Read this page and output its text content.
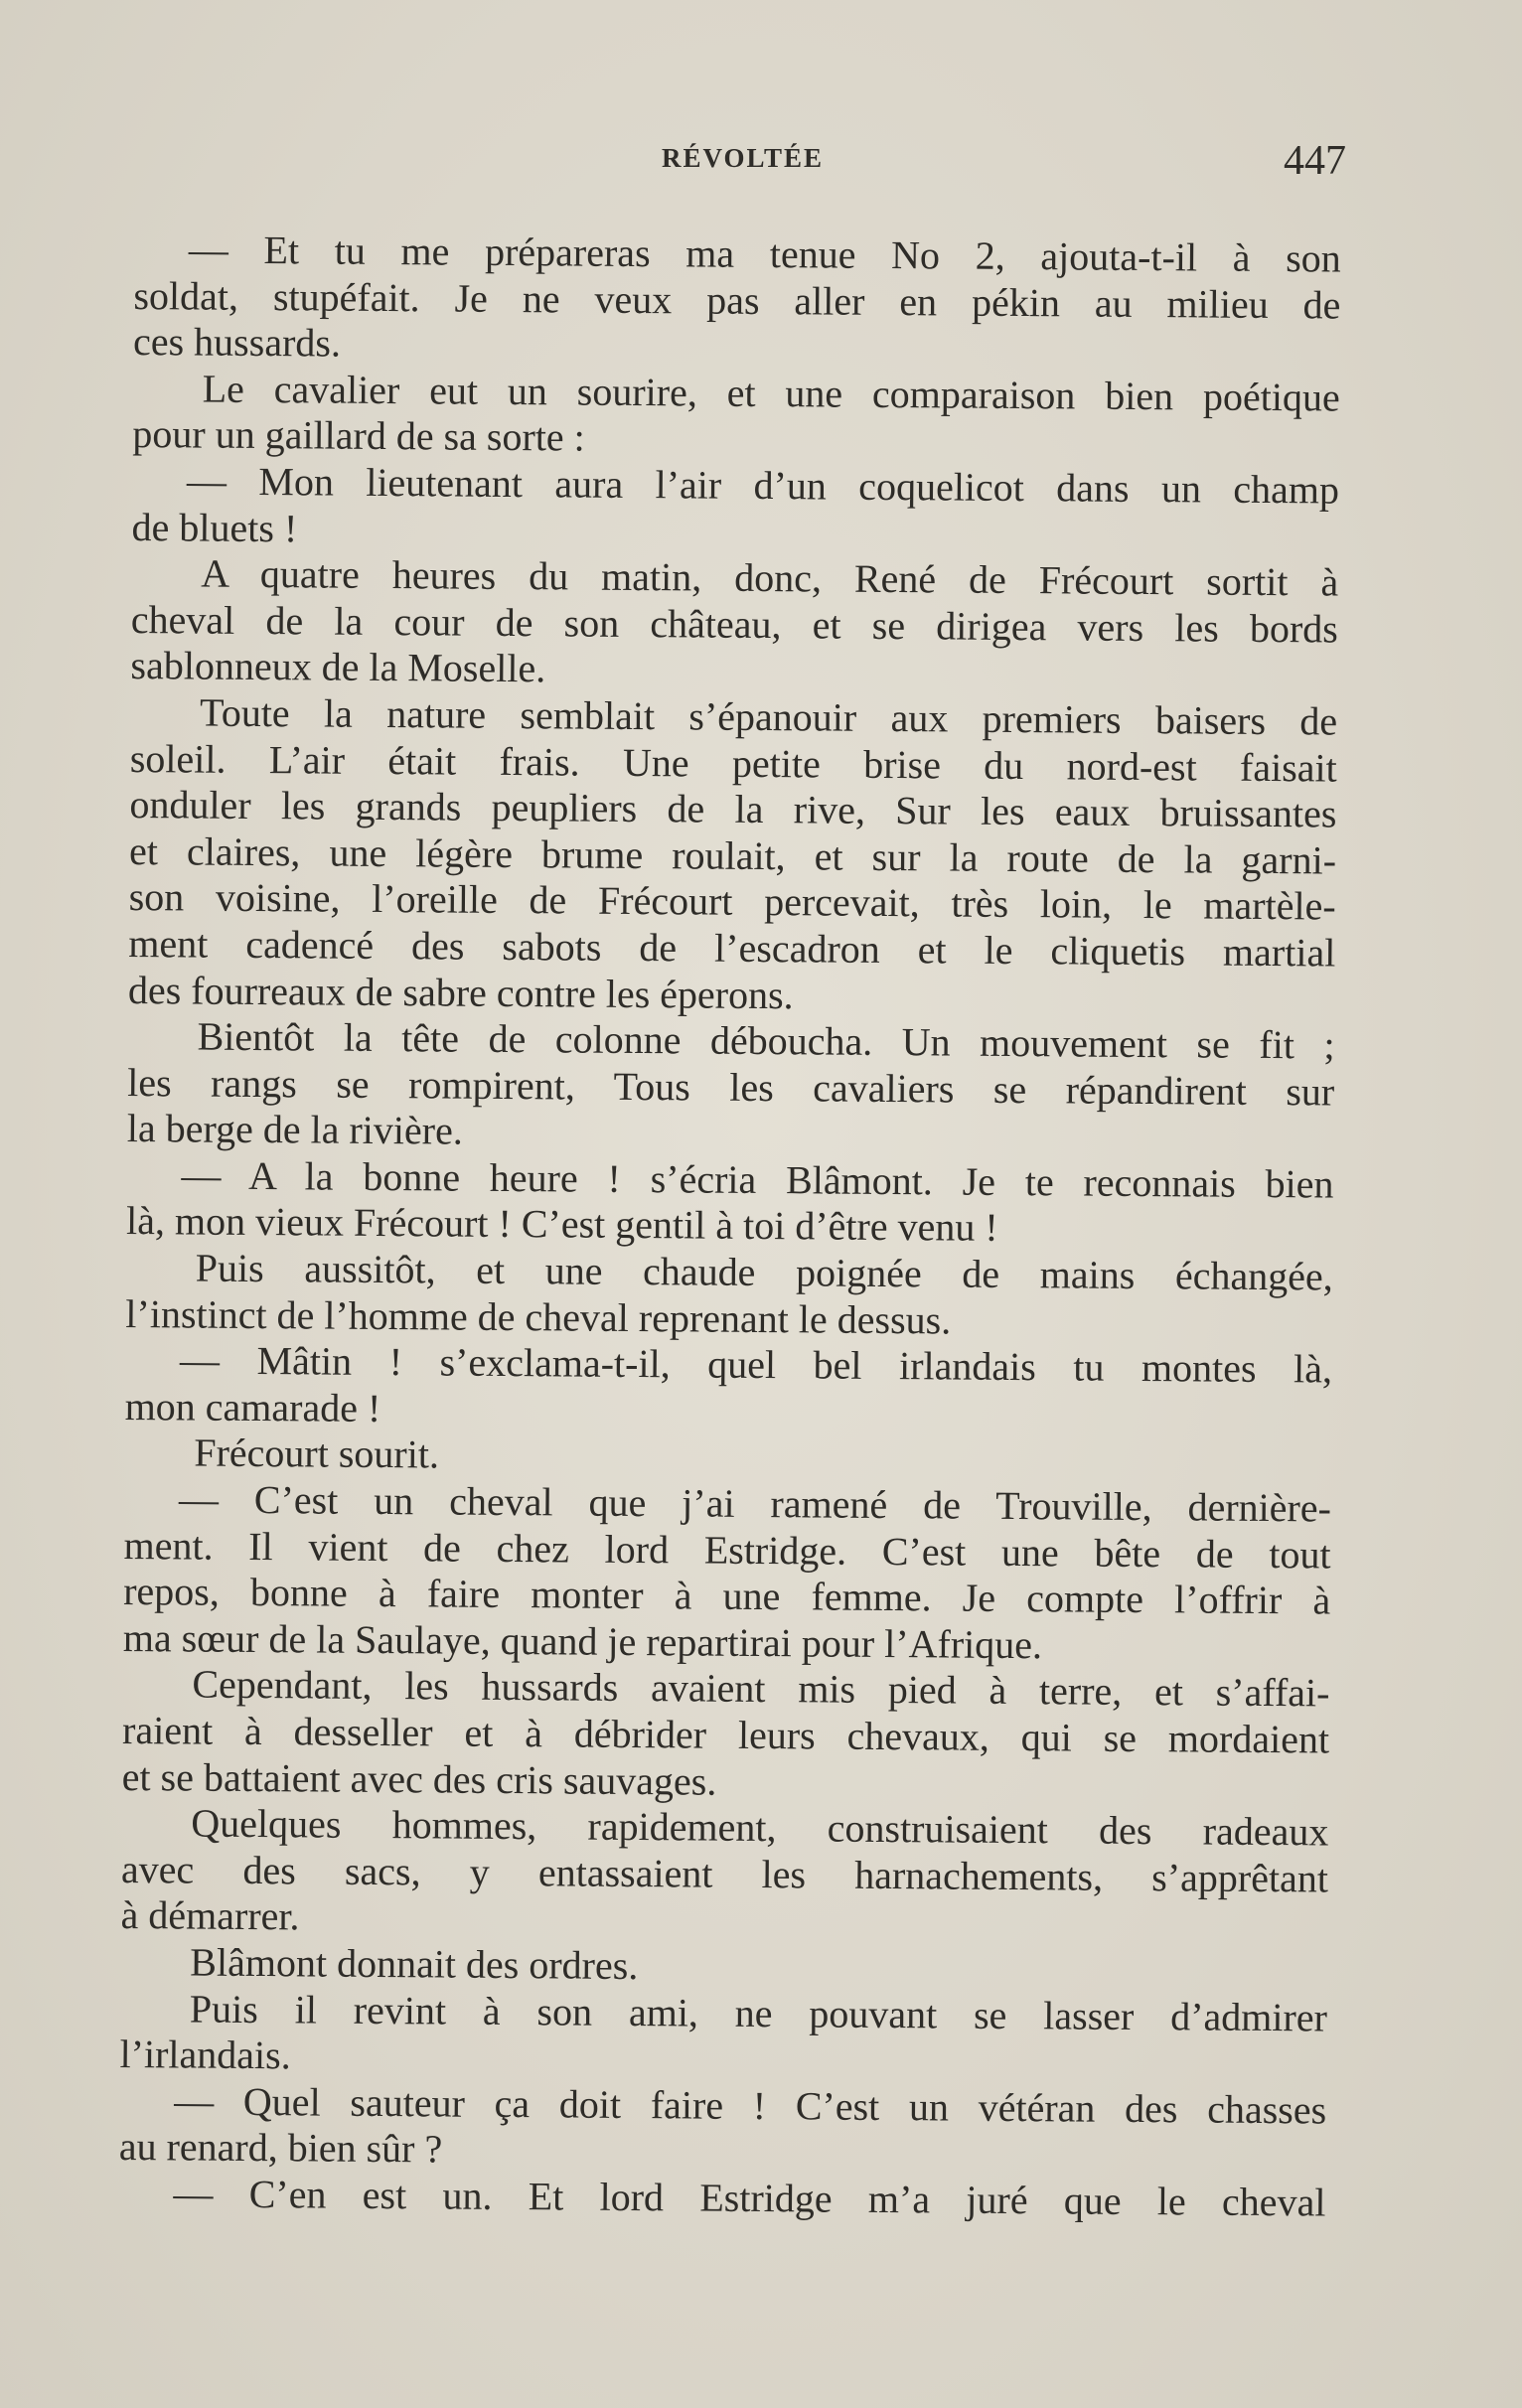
RÉVOLTÉE	447
— Et tu me prépareras ma tenue No 2, ajouta-t-il à son
soldat, stupéfait. Je ne veux pas aller en pékin au milieu de
ces hussards.
Le cavalier eut un sourire, et une comparaison bien poétique
pour un gaillard de sa sorte :
— Mon lieutenant aura l’air d’un coquelicot dans un champ
de bluets !
A quatre heures du matin, donc, René de Frécourt sortit à
cheval de la cour de son château, et se dirigea vers les bords
sablonneux de la Moselle.
Toute la nature semblait s’épanouir aux premiers baisers de
soleil. L’air était frais. Une petite brise du nord-est faisait
onduler les grands peupliers de la rive, Sur les eaux bruissantes
et claires, une légère brume roulait, et sur la route de la garni-
son voisine, l’oreille de Frécourt percevait, très loin, le martèle-
ment cadencé des sabots de l’escadron et le cliquetis martial
des fourreaux de sabre contre les éperons.
Bientôt la tête de colonne déboucha. Un mouvement se fit ;
les rangs se rompirent, Tous les cavaliers se répandirent sur
la berge de la rivière.
— A la bonne heure ! s’écria Blâmont. Je te reconnais bien
là, mon vieux Frécourt ! C’est gentil à toi d’être venu !
Puis aussitôt, et une chaude poignée de mains échangée,
l’instinct de l’homme de cheval reprenant le dessus.
— Mâtin ! s’exclama-t-il, quel bel irlandais tu montes là,
mon camarade !
Frécourt sourit.
— C’est un cheval que j’ai ramené de Trouville, dernière-
ment. Il vient de chez lord Estridge. C’est une bête de tout
repos, bonne à faire monter à une femme. Je compte l’offrir à
ma sœur de la Saulaye, quand je repartirai pour l’Afrique.
Cependant, les hussards avaient mis pied à terre, et s’affai-
raient à desseller et à débrider leurs chevaux, qui se mordaient
et se battaient avec des cris sauvages.
Quelques hommes, rapidement, construisaient des radeaux
avec des sacs, y entassaient les harnachements, s’apprêtant
à démarrer.
Blâmont donnait des ordres.
Puis il revint à son ami, ne pouvant se lasser d’admirer
l’irlandais.
— Quel sauteur ça doit faire ! C’est un vétéran des chasses
au renard, bien sûr ?
— C’en est un. Et lord Estridge m’a juré que le cheval
